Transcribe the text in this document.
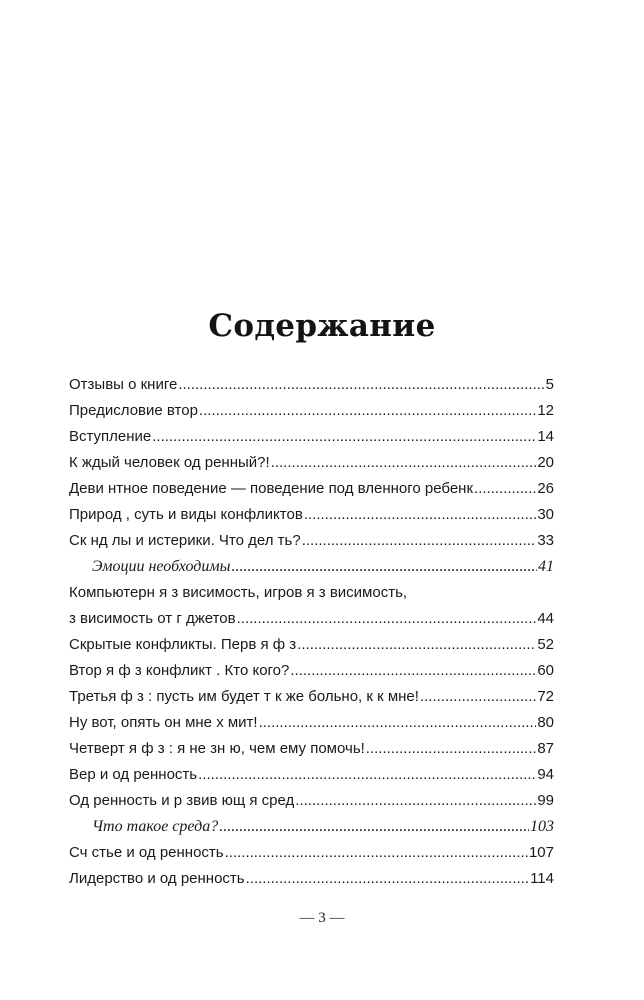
Содержание
Отзывы о книге .....	5
Предисловие втор .....	12
Вступление .....	14
К ждый человек од ренный?! .....	20
Деви нтное поведение — поведение под вленного ребенк .....	26
Природ , суть и виды конфликтов .....	30
Ск нд лы и истерики. Что дел ть? .....	33
Эмоции необходимы .....	41
Компьютерн я з висимость, игров я з висимость,
з висимость от г джетов .....	44
Скрытые конфликты. Перв я ф з .....	52
Втор я ф з конфликт . Кто кого? .....	60
Третья ф з : пусть им будет т к же больно, к к мне! .....	72
Ну вот, опять он мне х мит! .....	80
Четверт я ф з : я не зн ю, чем ему помочь! .....	87
Вер и од ренность .....	94
Од ренность и р звив ющ я сред .....	99
Что такое среда? .....	103
Сч стье и од ренность .....	107
Лидерство и од ренность .....	114
— 3 —
